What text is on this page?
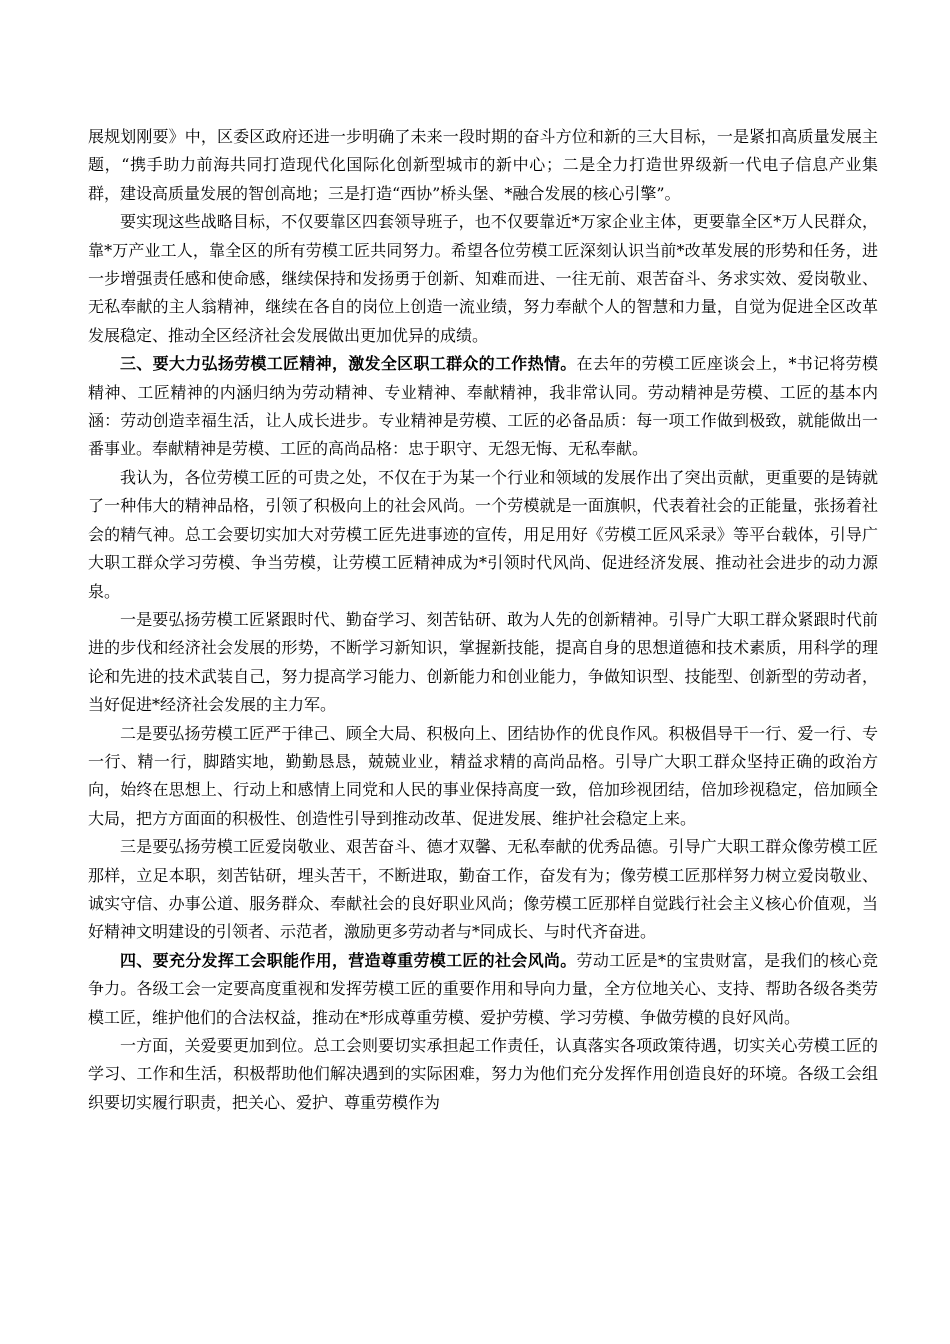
展规划刚要》中，区委区政府还进一步明确了未来一段时期的奋斗方位和新的三大目标，一是紧扣高质量发展主题，“携手助力前海共同打造现代化国际化创新型城市的新中心；二是全力打造世界级新一代电子信息产业集群，建设高质量发展的智创高地；三是打造“西协”桥头堡、*融合发展的核心引擎”。

要实现这些战略目标，不仅要靠区四套领导班子，也不仅要靠近*万家企业主体，更要靠全区*万人民群众，靠*万产业工人，靠全区的所有劳模工匠共同努力。希望各位劳模工匠深刻认识当前*改革发展的形势和任务，进一步增强责任感和使命感，继续保持和发扬勇于创新、知难而进、一往无前、艰苦奋斗、务求实效、爱岗敬业、无私奉献的主人翁精神，继续在各自的岗位上创造一流业绩，努力奉献个人的智慧和力量，自觉为促进全区改革发展稳定、推动全区经济社会发展做出更加优异的成绩。

三、要大力弘扬劳模工匠精神，激发全区职工群众的工作热情。在去年的劳模工匠座谈会上，*书记将劳模精神、工匠精神的内涵归纳为劳动精神、专业精神、奉献精神，我非常认同。劳动精神是劳模、工匠的基本内涵：劳动创造幸福生活，让人成长进步。专业精神是劳模、工匠的必备品质：每一项工作做到极致，就能做出一番事业。奉献精神是劳模、工匠的高尚品格：忠于职守、无怨无悔、无私奉献。

我认为，各位劳模工匠的可贵之处，不仅在于为某一个行业和领域的发展作出了突出贡献，更重要的是铸就了一种伟大的精神品格，引领了积极向上的社会风尚。一个劳模就是一面旗帜，代表着社会的正能量，张扬着社会的精气神。总工会要切实加大对劳模工匠先进事迹的宣传，用足用好《劳模工匠风采录》等平台载体，引导广大职工群众学习劳模、争当劳模，让劳模工匠精神成为*引领时代风尚、促进经济发展、推动社会进步的动力源泉。

一是要弘扬劳模工匠紧跟时代、勤奋学习、刻苦钻研、敢为人先的创新精神。引导广大职工群众紧跟时代前进的步伐和经济社会发展的形势，不断学习新知识，掌握新技能，提高自身的思想道德和技术素质，用科学的理论和先进的技术武装自己，努力提高学习能力、创新能力和创业能力，争做知识型、技能型、创新型的劳动者，当好促进*经济社会发展的主力军。

二是要弘扬劳模工匠严于律己、顾全大局、积极向上、团结协作的优良作风。积极倡导干一行、爱一行、专一行、精一行，脚踏实地，勤勤恳恳，兢兢业业，精益求精的高尚品格。引导广大职工群众坚持正确的政治方向，始终在思想上、行动上和感情上同党和人民的事业保持高度一致，倍加珍视团结，倍加珍视稳定，倍加顾全大局，把方方面面的积极性、创造性引导到推动改革、促进发展、维护社会稳定上来。

三是要弘扬劳模工匠爱岗敬业、艰苦奋斗、德才双馨、无私奉献的优秀品德。引导广大职工群众像劳模工匠那样，立足本职，刻苦钻研，埋头苦干，不断进取，勤奋工作，奋发有为；像劳模工匠那样努力树立爱岗敬业、诚实守信、办事公道、服务群众、奉献社会的良好职业风尚；像劳模工匠那样自觉践行社会主义核心价值观，当好精神文明建设的引领者、示范者，激励更多劳动者与*同成长、与时代齐奋进。

四、要充分发挥工会职能作用，营造尊重劳模工匠的社会风尚。劳动工匠是*的宝贵财富，是我们的核心竞争力。各级工会一定要高度重视和发挥劳模工匠的重要作用和导向力量，全方位地关心、支持、帮助各级各类劳模工匠，维护他们的合法权益，推动在*形成尊重劳模、爱护劳模、学习劳模、争做劳模的良好风尚。

一方面，关爱要更加到位。总工会则要切实承担起工作责任，认真落实各项政策待遇，切实关心劳模工匠的学习、工作和生活，积极帮助他们解决遇到的实际困难，努力为他们充分发挥作用创造良好的环境。各级工会组织要切实履行职责，把关心、爱护、尊重劳模作为
